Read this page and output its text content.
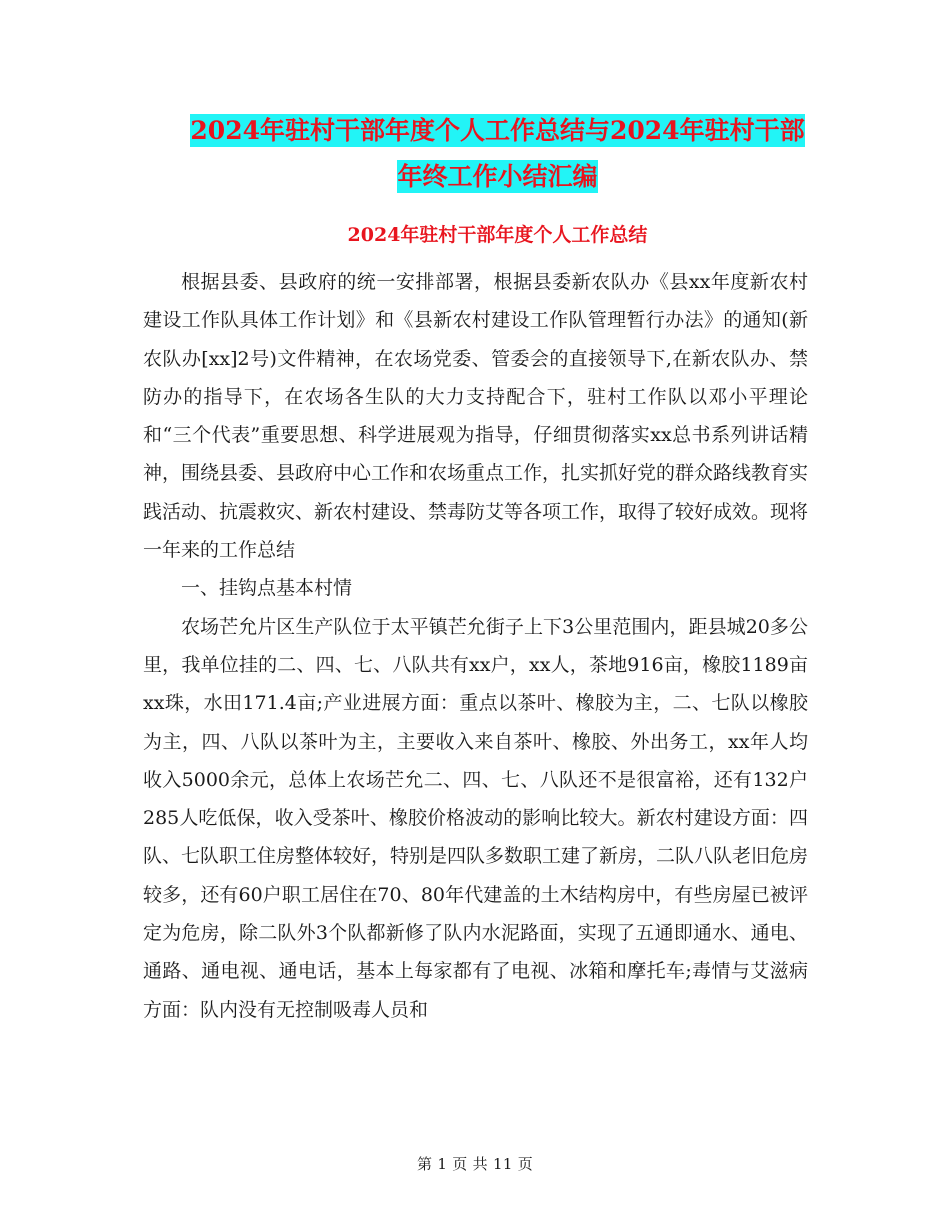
2024年驻村干部年度个人工作总结与2024年驻村干部
年终工作小结汇编
2024年驻村干部年度个人工作总结

根据县委、县政府的统一安排部署，根据县委新农队办《县xx年度新农村建设工作队具体工作计划》和《县新农村建设工作队管理暂行办法》的通知(新农队办[xx]2号)文件精神，在农场党委、管委会的直接领导下,在新农队办、禁防办的指导下，在农场各生队的大力支持配合下，驻村工作队以邓小平理论和“三个代表”重要思想、科学进展观为指导，仔细贯彻落实xx总书系列讲话精神，围绕县委、县政府中心工作和农场重点工作，扎实抓好党的群众路线教育实践活动、抗震救灾、新农村建设、禁毒防艾等各项工作，取得了较好成效。现将一年来的工作总结

一、挂钩点基本村情

农场芒允片区生产队位于太平镇芒允街子上下3公里范围内，距县城20多公里，我单位挂的二、四、七、八队共有xx户，xx人，茶地916亩，橡胶1189亩xx珠，水田171.4亩;产业进展方面：重点以茶叶、橡胶为主，二、七队以橡胶为主，四、八队以茶叶为主，主要收入来自茶叶、橡胶、外出务工，xx年人均收入5000余元，总体上农场芒允二、四、七、八队还不是很富裕，还有132户285人吃低保，收入受茶叶、橡胶价格波动的影响比较大。新农村建设方面：四队、七队职工住房整体较好，特别是四队多数职工建了新房，二队八队老旧危房较多，还有60户职工居住在70、80年代建盖的土木结构房中，有些房屋已被评定为危房，除二队外3个队都新修了队内水泥路面，实现了五通即通水、通电、通路、通电视、通电话，基本上每家都有了电视、冰箱和摩托车;毒情与艾滋病方面：队内没有无控制吸毒人员和

第 1 页 共 11 页
